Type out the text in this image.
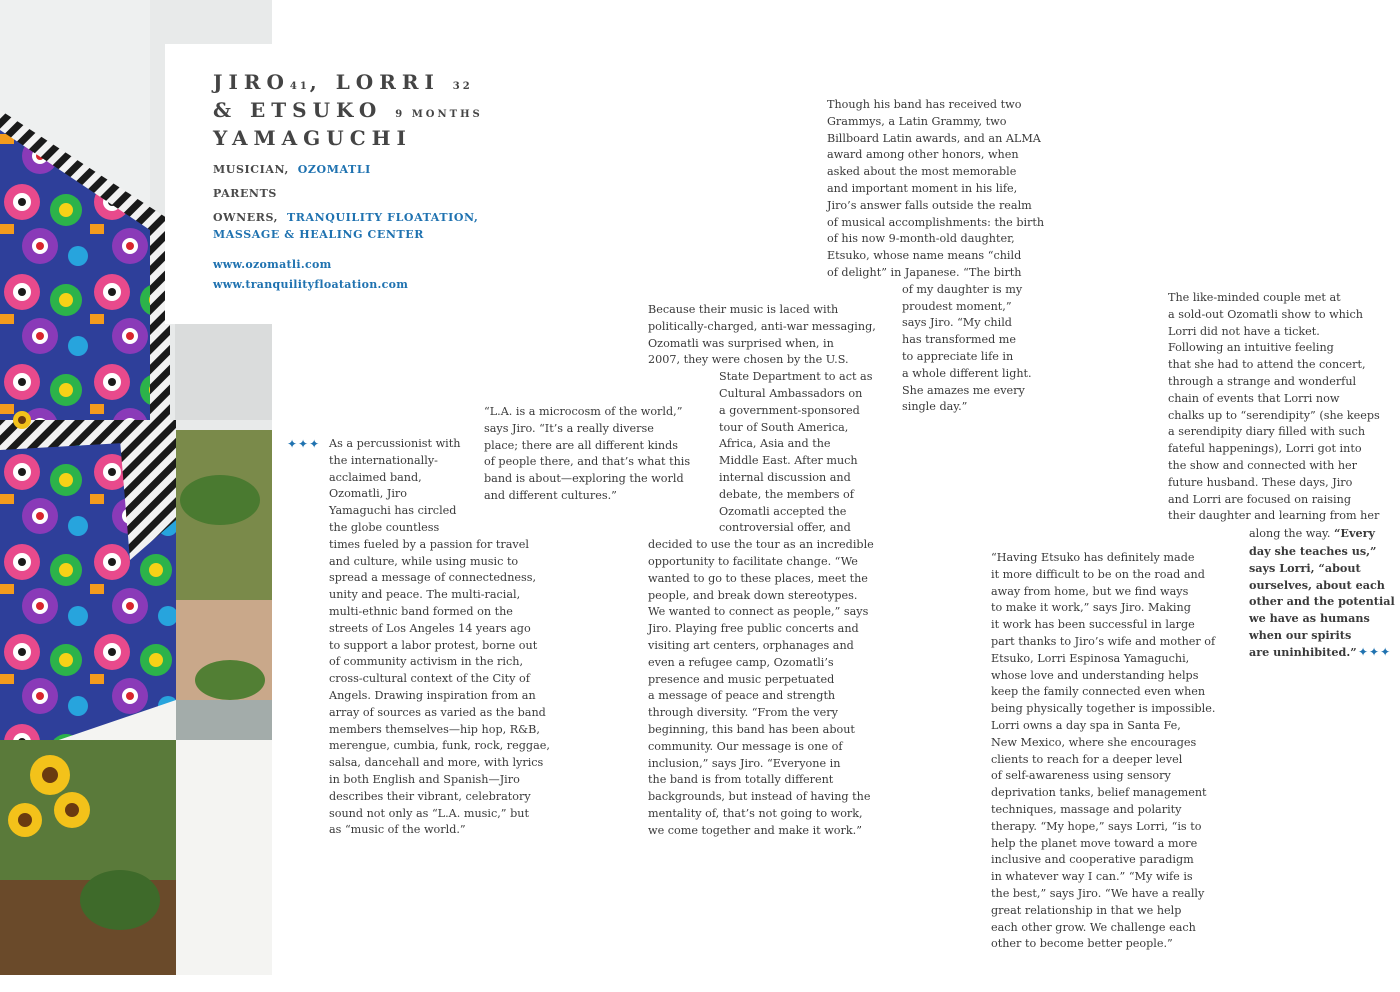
JIRO41, LORRI 32
& ETSUKO 9 MONTHS
YAMAGUCHI
MUSICIAN, OZOMATLI
PARENTS
OWNERS, TRANQUILITY FLOATATION,
MASSAGE & HEALING CENTER
www.ozomatli.com
www.tranquilityfloatation.com
✦✦✦ As a percussionist with
the internationally-
acclaimed band,
Ozomatli, Jiro
Yamaguchi has circled
the globe countless
times fueled by a passion for travel
and culture, while using music to
spread a message of connectedness,
unity and peace. The multi-racial,
multi-ethnic band formed on the
streets of Los Angeles 14 years ago
to support a labor protest, borne out
of community activism in the rich,
cross-cultural context of the City of
Angels. Drawing inspiration from an
array of sources as varied as the band
members themselves—hip hop, R&B,
merengue, cumbia, funk, rock, reggae,
salsa, dancehall and more, with lyrics
in both English and Spanish—Jiro
describes their vibrant, celebratory
sound not only as “L.A. music,” but
as “music of the world.”
“L.A. is a microcosm of the world,”
says Jiro. “It’s a really diverse
place; there are all different kinds
of people there, and that’s what this
band is about—exploring the world
and different cultures.”
Because their music is laced with
politically-charged, anti-war messaging,
Ozomatli was surprised when, in
2007, they were chosen by the U.S.
State Department to act as
Cultural Ambassadors on
a government-sponsored
tour of South America,
Africa, Asia and the
Middle East. After much
internal discussion and
debate, the members of
Ozomatli accepted the
controversial offer, and
decided to use the tour as an incredible
opportunity to facilitate change. “We
wanted to go to these places, meet the
people, and break down stereotypes.
We wanted to connect as people,” says
Jiro. Playing free public concerts and
visiting art centers, orphanages and
even a refugee camp, Ozomatli’s
presence and music perpetuated
a message of peace and strength
through diversity. “From the very
beginning, this band has been about
community. Our message is one of
inclusion,” says Jiro. “Everyone in
the band is from totally different
backgrounds, but instead of having the
mentality of, that’s not going to work,
we come together and make it work.”
Though his band has received two
Grammys, a Latin Grammy, two
Billboard Latin awards, and an ALMA
award among other honors, when
asked about the most memorable
and important moment in his life,
Jiro’s answer falls outside the realm
of musical accomplishments: the birth
of his now 9-month-old daughter,
Etsuko, whose name means “child
of delight” in Japanese. “The birth
of my daughter is my
proudest moment,”
says Jiro. “My child
has transformed me
to appreciate life in
a whole different light.
She amazes me every
single day.”
“Having Etsuko has definitely made
it more difficult to be on the road and
away from home, but we find ways
to make it work,” says Jiro. Making
it work has been successful in large
part thanks to Jiro’s wife and mother of
Etsuko, Lorri Espinosa Yamaguchi,
whose love and understanding helps
keep the family connected even when
being physically together is impossible.
Lorri owns a day spa in Santa Fe,
New Mexico, where she encourages
clients to reach for a deeper level
of self-awareness using sensory
deprivation tanks, belief management
techniques, massage and polarity
therapy. “My hope,” says Lorri, “is to
help the planet move toward a more
inclusive and cooperative paradigm
in whatever way I can.” “My wife is
the best,” says Jiro. “We have a really
great relationship in that we help
each other grow. We challenge each
other to become better people.”
The like-minded couple met at
a sold-out Ozomatli show to which
Lorri did not have a ticket.
Following an intuitive feeling
that she had to attend the concert,
through a strange and wonderful
chain of events that Lorri now
chalks up to “serendipity” (she keeps
a serendipity diary filled with such
fateful happenings), Lorri got into
the show and connected with her
future husband. These days, Jiro
and Lorri are focused on raising
their daughter and learning from her
along the way. “Every
day she teaches us,”
says Lorri, “about
ourselves, about each
other and the potential
we have as humans
when our spirits
are uninhibited.” ✦✦✦
